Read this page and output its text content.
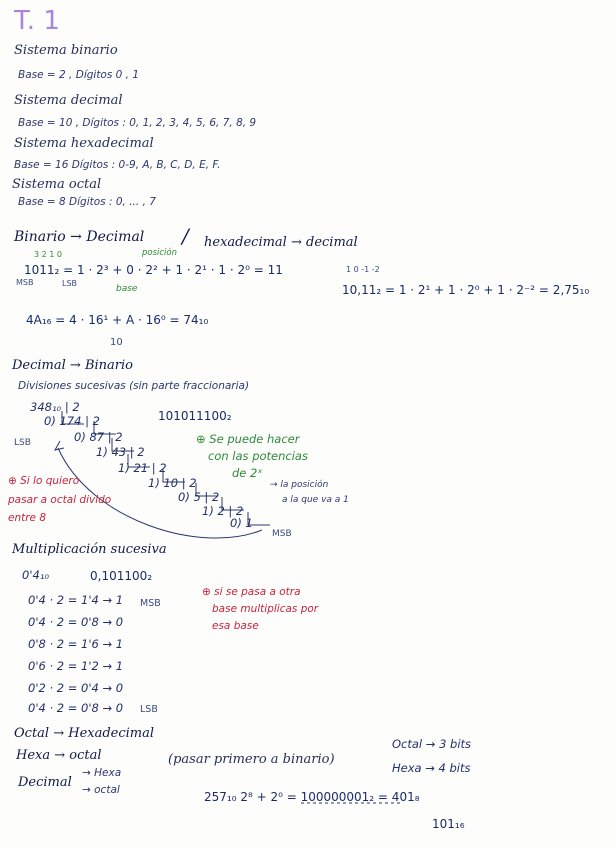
T. 1
Sistema binario
Base = 2 , Dígitos 0 , 1
Sistema decimal
Base = 10 , Dígitos : 0, 1, 2, 3, 4, 5, 6, 7, 8, 9
Sistema hexadecimal
Base = 16 Dígitos : 0-9, A, B, C, D, E, F.
Sistema octal
Base = 8 Dígitos : 0, ... , 7
Binario → Decimal / hexadecimal → decimal
posición
3 2 1 0
1011₂ = 1 · 2³ + 0 · 2² + 1 · 2¹ · 1 · 2⁰ = 11
MSB	LSB
base
1 0 -1 -2
10,11₂ = 1 · 2¹ + 1 · 2⁰ + 1 · 2⁻² = 2,75₁₀
4A₁₆ = 4 · 16¹ + A · 16⁰ = 74₁₀
10
Decimal → Binario
Divisiones sucesivas (sin parte fraccionaria)
348₁₀ | 2
0) 174 | 2
0) 87 | 2
1) 43 | 2
1) 21 | 2
1) 10 | 2
0) 5 | 2
1) 2 | 2
0) 1
LSB
MSB
101011100₂
⊕ Se puede hacer
con las potencias
de 2ˣ
→ la posición
a la que va a 1
⊕ Si lo quiero
pasar a octal divido
entre 8
Multiplicación sucesiva
0'4₁₀	0,101100₂
0'4 · 2 = 1'4 → 1
0'4 · 2 = 0'8 → 0
0'8 · 2 = 1'6 → 1
0'6 · 2 = 1'2 → 1
0'2 · 2 = 0'4 → 0
0'4 · 2 = 0'8 → 0
MSB
LSB
⊕ si se pasa a otra
base multiplicas por
esa base
Octal → Hexadecimal
Hexa → octal
Decimal
→ Hexa
→ octal
(pasar primero a binario)
Octal → 3 bits
Hexa → 4 bits
257₁₀ 2⁸ + 2⁰ = 100000001₂ = 401₈
101₁₆
